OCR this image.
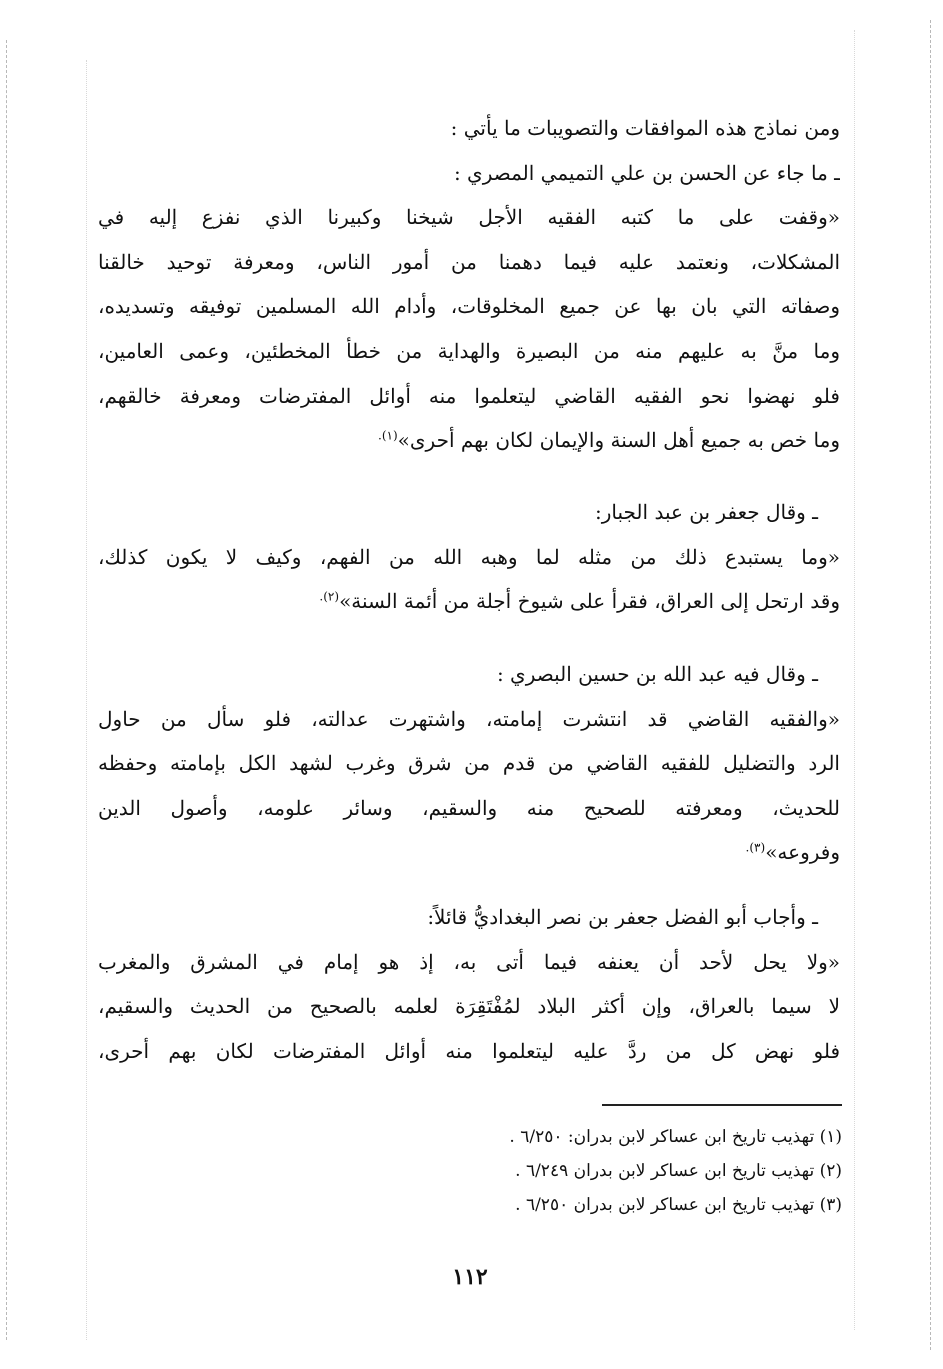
ومن نماذج هذه الموافقات والتصويبات ما يأتي :
ـ ما جاء عن الحسن بن علي التميمي المصري :
«وقفت على ما كتبه الفقيه الأجل شيخنا وكبيرنا الذي نفزع إليه في
المشكلات، ونعتمد عليه فيما دهمنا من أمور الناس، ومعرفة توحيد خالقنا
وصفاته التي بان بها عن جميع المخلوقات، وأدام الله المسلمين توفيقه وتسديده،
وما منَّ به عليهم منه من البصيرة والهداية من خطأ المخطئين، وعمى العامين،
فلو نهضوا نحو الفقيه القاضي ليتعلموا منه أوائل المفترضات ومعرفة خالقهم،
وما خص به جميع أهل السنة والإيمان لكان بهم أحرى»$^{(١).}$
ـ وقال جعفر بن عبد الجبار:
«وما يستبدع ذلك من مثله لما وهبه الله من الفهم، وكيف لا يكون كذلك،
وقد ارتحل إلى العراق، فقرأ على شيوخ أجلة من أئمة السنة»$^{(٢).}$
ـ وقال فيه عبد الله بن حسين البصري :
«والفقيه القاضي قد انتشرت إمامته، واشتهرت عدالته، فلو سأل من حاول
الرد والتضليل للفقيه القاضي من قدم من شرق وغرب لشهد الكل بإمامته وحفظه
للحديث، ومعرفته للصحيح منه والسقيم، وسائر علومه، وأصول الدين
وفروعه»$^{(٣).}$
ـ وأجاب أبو الفضل جعفر بن نصر البغداديُّ قائلاً:
«ولا يحل لأحد أن يعنفه فيما أتى به، إذ هو إمام في المشرق والمغرب
لا سيما بالعراق، وإن أكثر البلاد لمُفْتَقِرَة لعلمه بالصحيح من الحديث والسقيم،
فلو نهض كل من ردَّ عليه ليتعلموا منه أوائل المفترضات لكان بهم أحرى،
(١) تهذيب تاريخ ابن عساكر لابن بدران: ٦/٢٥٠ .
(٢) تهذيب تاريخ ابن عساكر لابن بدران ٦/٢٤٩ .
(٣) تهذيب تاريخ ابن عساكر لابن بدران ٦/٢٥٠ .
١١٢
